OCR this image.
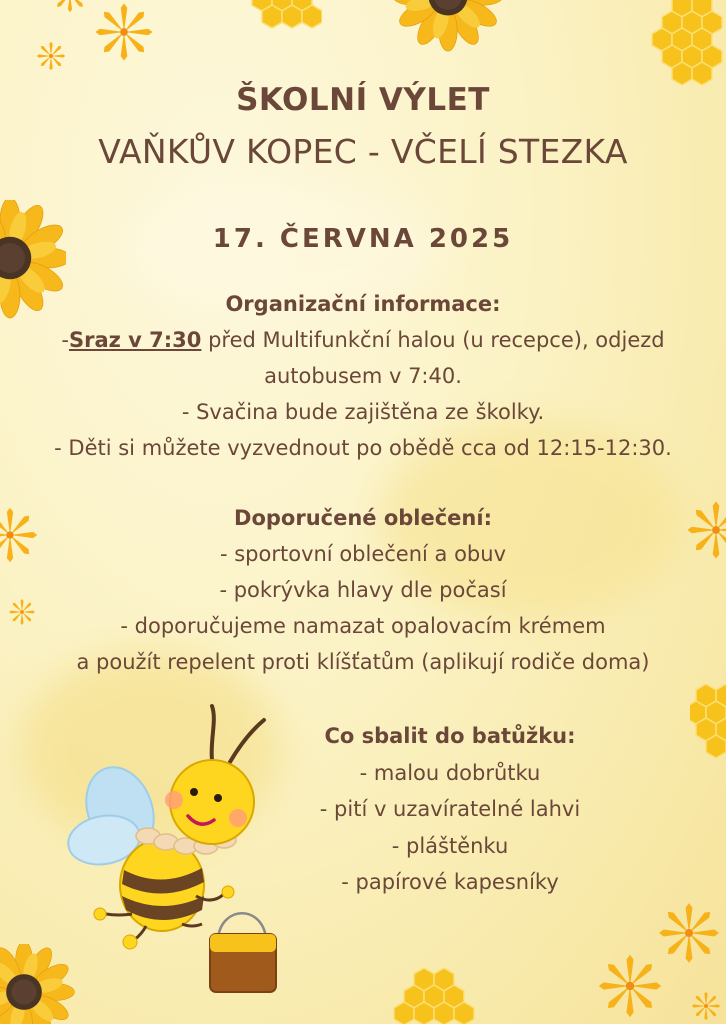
ŠKOLNÍ VÝLET
VAŇKŮV KOPEC - VČELÍ STEZKA
17. ČERVNA 2025
Organizační informace:
-Sraz v 7:30 před Multifunkční halou (u recepce), odjezd
autobusem v 7:40.
- Svačina bude zajištěna ze školky.
- Děti si můžete vyzvednout po obědě cca od 12:15-12:30.
Doporučené oblečení:
- sportovní oblečení a obuv
- pokrývka hlavy dle počasí
- doporučujeme namazat opalovacím krémem
a použít repelent proti klíšťatům (aplikují rodiče doma)
Co sbalit do batůžku:
- malou dobrůtku
- pití v uzavíratelné lahvi
- pláštěnku
- papírové kapesníky
